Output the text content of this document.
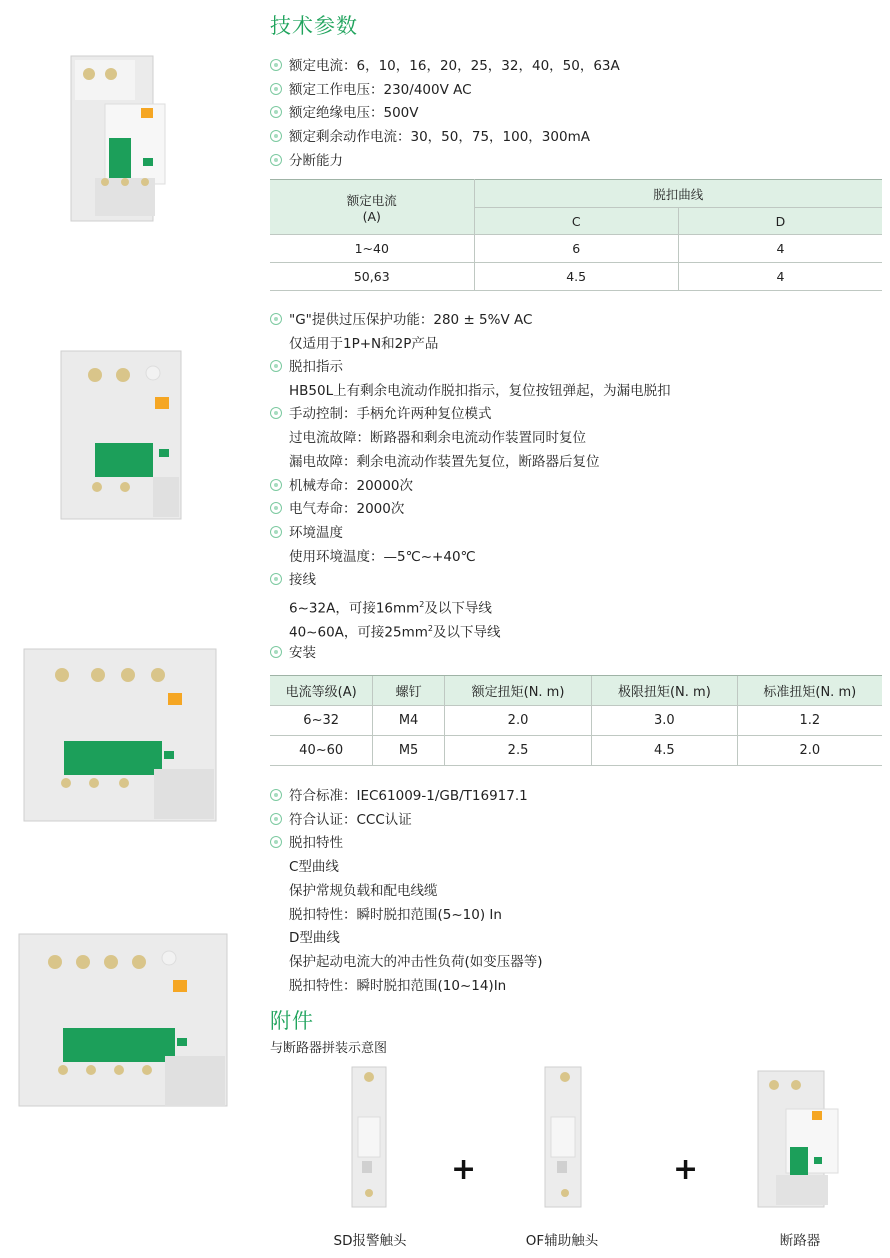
技术参数
额定电流：6，10，16，20，25，32，40，50，63A
额定工作电压：230/400V AC
额定绝缘电压：500V
额定剩余动作电流：30，50，75，100，300mA
分断能力
额定电流
(A)	脱扣曲线	
	C	D
1~40	6	4
50,63	4.5	4
"G"提供过压保护功能：280 ± 5%V AC
仅适用于1P+N和2P产品
脱扣指示
HB50L上有剩余电流动作脱扣指示，复位按钮弹起，为漏电脱扣
手动控制：手柄允许两种复位模式
过电流故障：断路器和剩余电流动作装置同时复位
漏电故障：剩余电流动作装置先复位，断路器后复位
机械寿命：20000次
电气寿命：2000次
环境温度
使用环境温度：—5℃~+40℃
接线
6~32A，可接$16mm^2$及以下导线
40~60A，可接$25mm^2$及以下导线
安装
电流等级(A)	螺钉	额定扭矩(N. m)	极限扭矩(N. m)	标准扭矩(N. m)
6~32	M4	2.0	3.0	1.2
40~60	M5	2.5	4.5	2.0
符合标准：IEC61009-1/GB/T16917.1
符合认证：CCC认证
脱扣特性
C型曲线
保护常规负载和配电线缆
脱扣特性：瞬时脱扣范围(5~10) In
D型曲线
保护起动电流大的冲击性负荷(如变压器等)
脱扣特性：瞬时脱扣范围(10~14)In
附件
与断路器拼装示意图
+	+
SD报警触头	OF辅助触头	断路器
